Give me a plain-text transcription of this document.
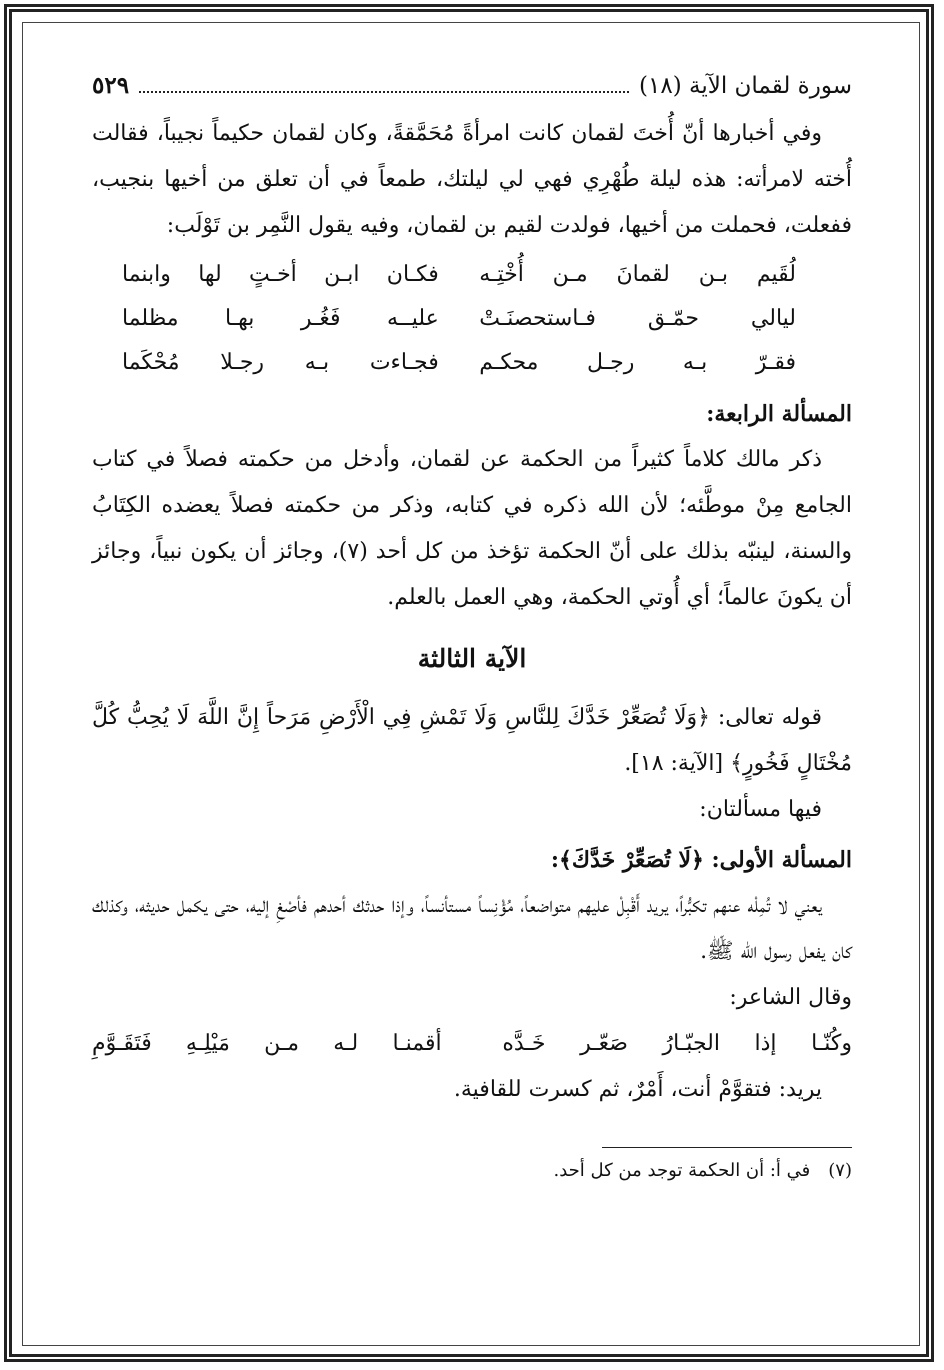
سورة لقمان الآية (١٨)
٥٢٩

وفي أخبارها أنّ أُختَ لقمان كانت امرأةً مُحَمَّقةً، وكان لقمان حكيماً نجيباً، فقالت أُخته لامرأته: هذه ليلة طُهْرِي فهي لي ليلتك، طمعاً في أن تعلق من أخيها بنجيب، ففعلت، فحملت من أخيها، فولدت لقيم بن لقمان، وفيه يقول النَّمِر بن تَوْلَب:

لُقَيم بـن لقمانَ مـن أُخْتِـه
فكـان ابـن أخـتٍ لها وابنما
ليالي حمّـق فـاستحصنَـتْ
عليــه فَغُـر بهـا مظلما
فقـرّ بـه رجـل محكـم
فجـاءت بـه رجـلا مُحْكَما
المسألة الرابعة:

ذكر مالك كلاماً كثيراً من الحكمة عن لقمان، وأدخل من حكمته فصلاً في كتاب الجامع مِنْ موطَّئه؛ لأن الله ذكره في كتابه، وذكر من حكمته فصلاً يعضده الكِتَابُ والسنة، لينبّه بذلك على أنّ الحكمة تؤخذ من كل أحد (٧)، وجائز أن يكون نبياً، وجائز أن يكونَ عالماً؛ أي أُوتي الحكمة، وهي العمل بالعلم.

الآية الثالثة

قوله تعالى: ﴿وَلَا تُصَعِّرْ خَدَّكَ لِلنَّاسِ وَلَا تَمْشِ فِي الْأَرْضِ مَرَحاً إِنَّ اللَّهَ لَا يُحِبُّ كُلَّ مُخْتَالٍ فَخُورٍ﴾ [الآية: ١٨].

فيها مسألتان:

المسألة الأولى: ﴿لَا تُصَعِّرْ خَدَّكَ﴾:

يعني لا تُمِلْه عنهم تكبُّراً، يريد أَقْبِلْ عليهم متواضعاً، مُؤْنِساً مستأنساً، وإذا حدثك أحدهم فأصْغِ إليه، حتى يكمل حديثه، وكذلك كان يفعل رسول الله ﷺ.

وقال الشاعر:

وكُنّـا إذا الجبّـارُ صَعّـر خَـدَّه
أقمنـا لـه مـن مَيْلِـهِ فَتَقَـوَّمِ

يريد: فتقوَّمْ أنت، أَمْرٌ، ثم كسرت للقافية.

(٧) في أ: أن الحكمة توجد من كل أحد.
